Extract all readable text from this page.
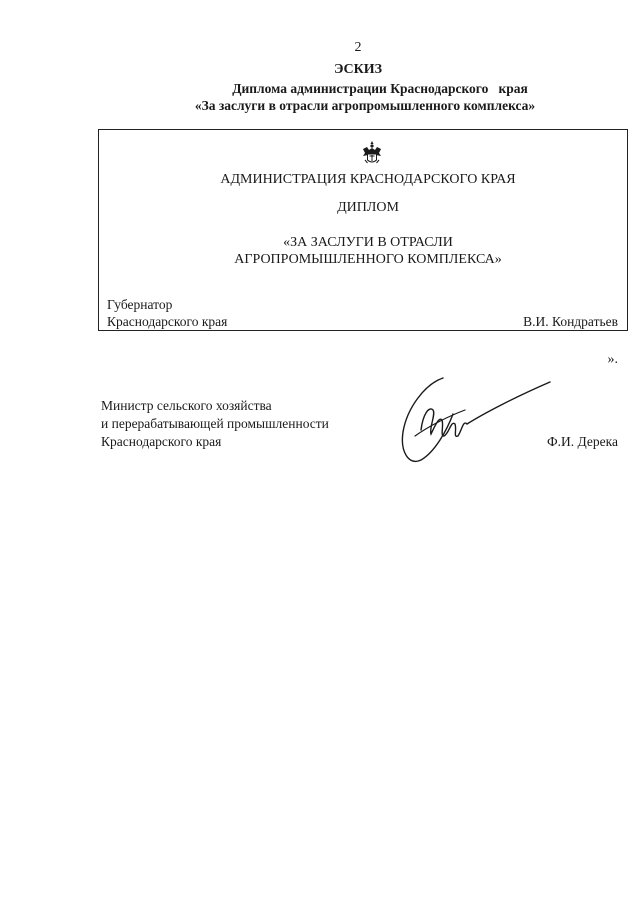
2
ЭСКИЗ
Диплома администрации Краснодарского   края
«За заслуги в отрасли агропромышленного комплекса»
АДМИНИСТРАЦИЯ КРАСНОДАРСКОГО КРАЯ
ДИПЛОМ
«ЗА ЗАСЛУГИ В ОТРАСЛИ
АГРОПРОМЫШЛЕННОГО КОМПЛЕКСА»
Губернатор
Краснодарского края	В.И. Кондратьев
».
Министр сельского хозяйства
и перерабатывающей промышленности
Краснодарского края	Ф.И. Дерека
